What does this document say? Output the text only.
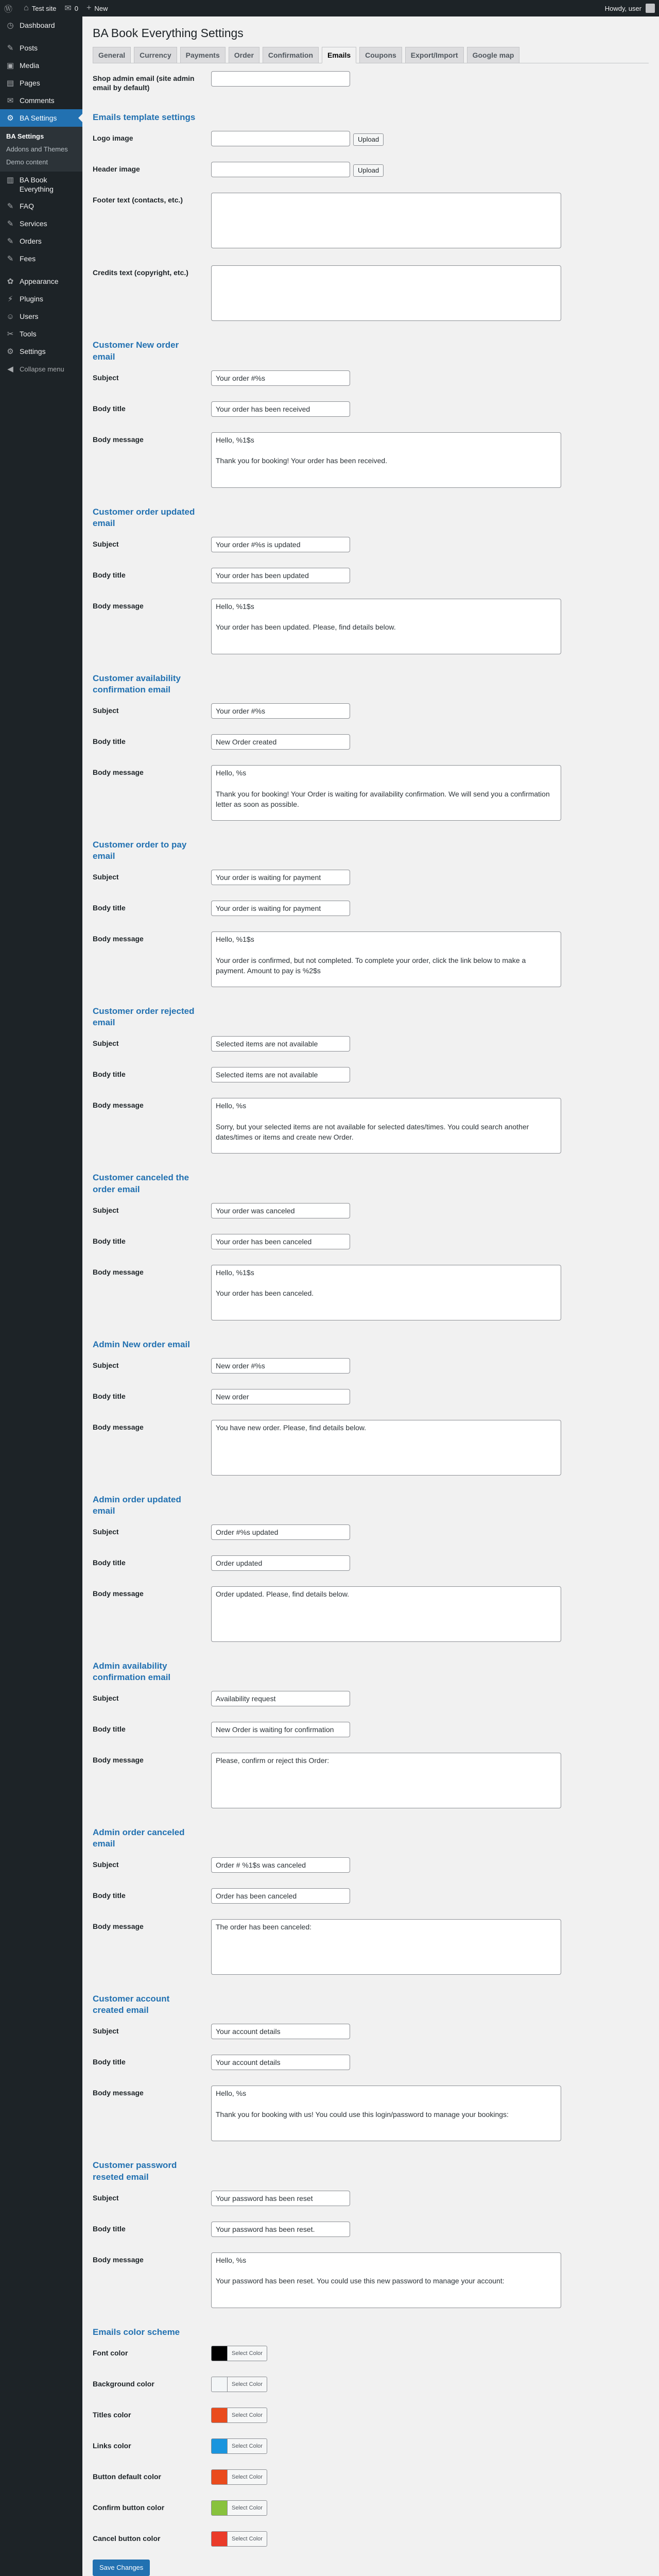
Ⓦ ⌂ Test site ✉ 0 + New	Howdy, user
◷ Dashboard
✎ Posts
▣ Media
▤ Pages
✉ Comments
⚙ BA Settings
BA Settings
Addons and Themes
Demo content
▥ BA Book Everything
✎ FAQ
✎ Services
✎ Orders
✎ Fees
✿ Appearance
⚡ Plugins
☺ Users
✂ Tools
⚙ Settings
◀ Collapse menu
BA Book Everything Settings
General	Currency	Payments	Order	Confirmation	Emails	Coupons	Export/Import	Google map
Shop admin email (site admin email by default)	
Emails template settings
Logo image	Upload
Header image	Upload
Footer text (contacts, etc.)	
Credits text (copyright, etc.)	
Customer New order email
Subject	Your order #%s
Body title	Your order has been received
Body message	Hello, %1$s Thank you for booking! Your order has been received.
Customer order updated email
Subject	Your order #%s is updated
Body title	Your order has been updated
Body message	Hello, %1$s Your order has been updated. Please, find details below.
Customer availability confirmation email
Subject	Your order #%s
Body title	New Order created
Body message	Hello, %s Thank you for booking! Your Order is waiting for availability confirmation. We will send you a confirmation letter as soon as possible.
Customer order to pay email
Subject	Your order is waiting for payment
Body title	Your order is waiting for payment
Body message	Hello, %1$s Your order is confirmed, but not completed. To complete your order, click the link below to make a payment. Amount to pay is %2$s
Customer order rejected email
Subject	Selected items are not available
Body title	Selected items are not available
Body message	Hello, %s Sorry, but your selected items are not available for selected dates/times. You could search another dates/times or items and create new Order.
Customer canceled the order email
Subject	Your order was canceled
Body title	Your order has been canceled
Body message	Hello, %1$s Your order has been canceled.
Admin New order email
Subject	New order #%s
Body title	New order
Body message	You have new order. Please, find details below.
Admin order updated email
Subject	Order #%s updated
Body title	Order updated
Body message	Order updated. Please, find details below.
Admin availability confirmation email
Subject	Availability request
Body title	New Order is waiting for confirmation
Body message	Please, confirm or reject this Order:
Admin order canceled email
Subject	Order # %1$s was canceled
Body title	Order has been canceled
Body message	The order has been canceled:
Customer account created email
Subject	Your account details
Body title	Your account details
Body message	Hello, %s Thank you for booking with us! You could use this login/password to manage your bookings:
Customer password reseted email
Subject	Your password has been reset
Body title	Your password has been reset.
Body message	Hello, %s Your password has been reset. You could use this new password to manage your account:
Emails color scheme
Font color	Select Color

Background color	Select Color

Titles color	Select Color

Links color	Select Color

Button default color	Select Color

Confirm button color	Select Color

Cancel button color	Select Color
Save Changes
